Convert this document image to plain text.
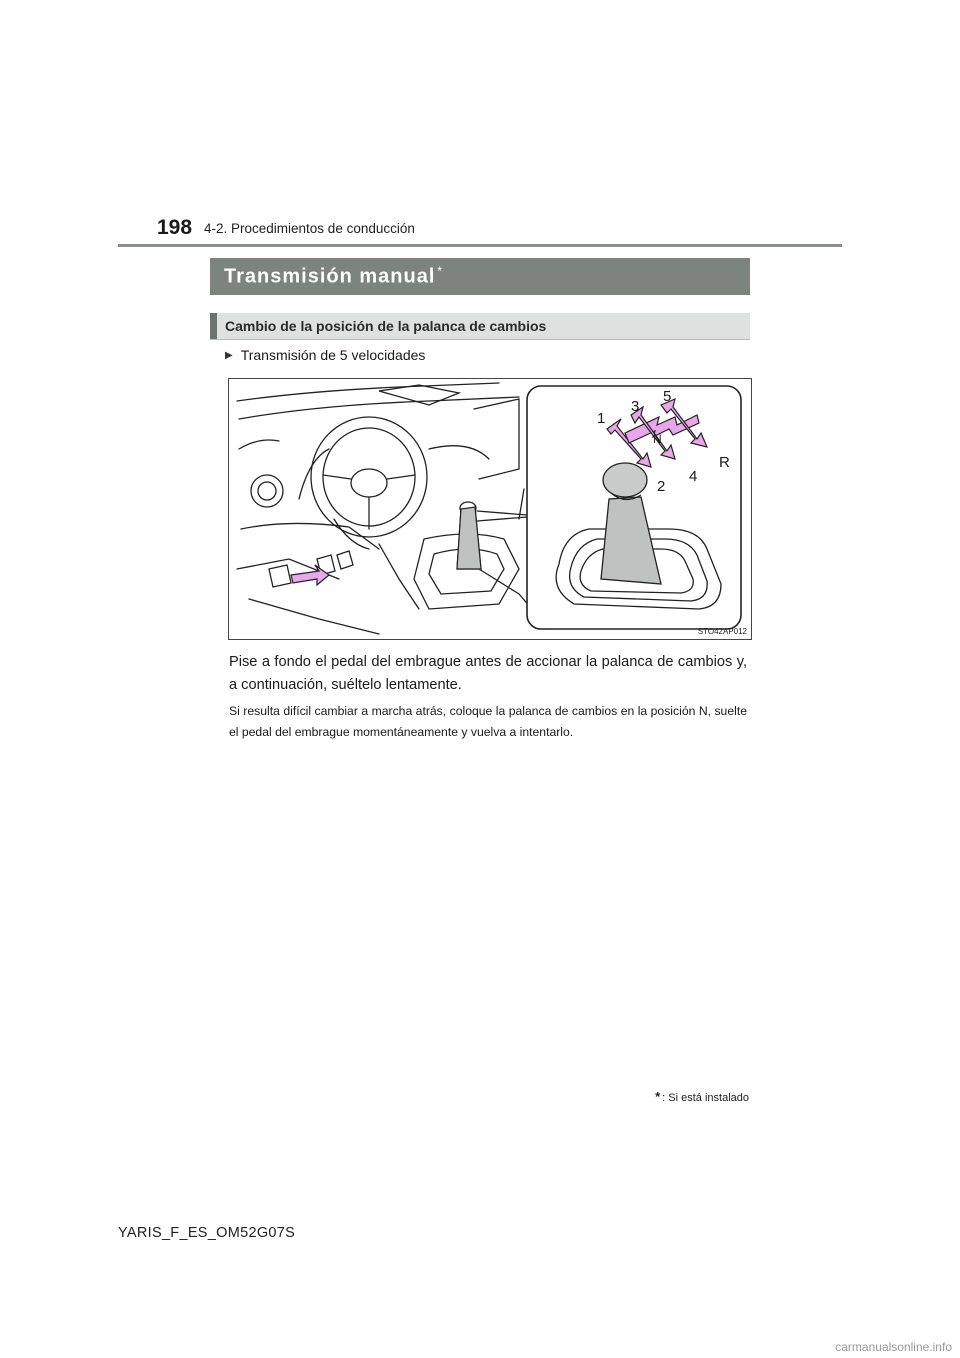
198 4-2. Procedimientos de conducción
Transmisión manual *
Cambio de la posición de la palanca de cambios
▶ Transmisión de 5 velocidades
1
2
3
4
5
N
R
STO42AP012
Pise a fondo el pedal del embrague antes de accionar la palanca de cambios y, a continuación, suéltelo lentamente.
Si resulta difícil cambiar a marcha atrás, coloque la palanca de cambios en la posición N, suelte el pedal del embrague momentáneamente y vuelva a intentarlo.
* : Si está instalado
YARIS_F_ES_OM52G07S
carmanualsonline.info
